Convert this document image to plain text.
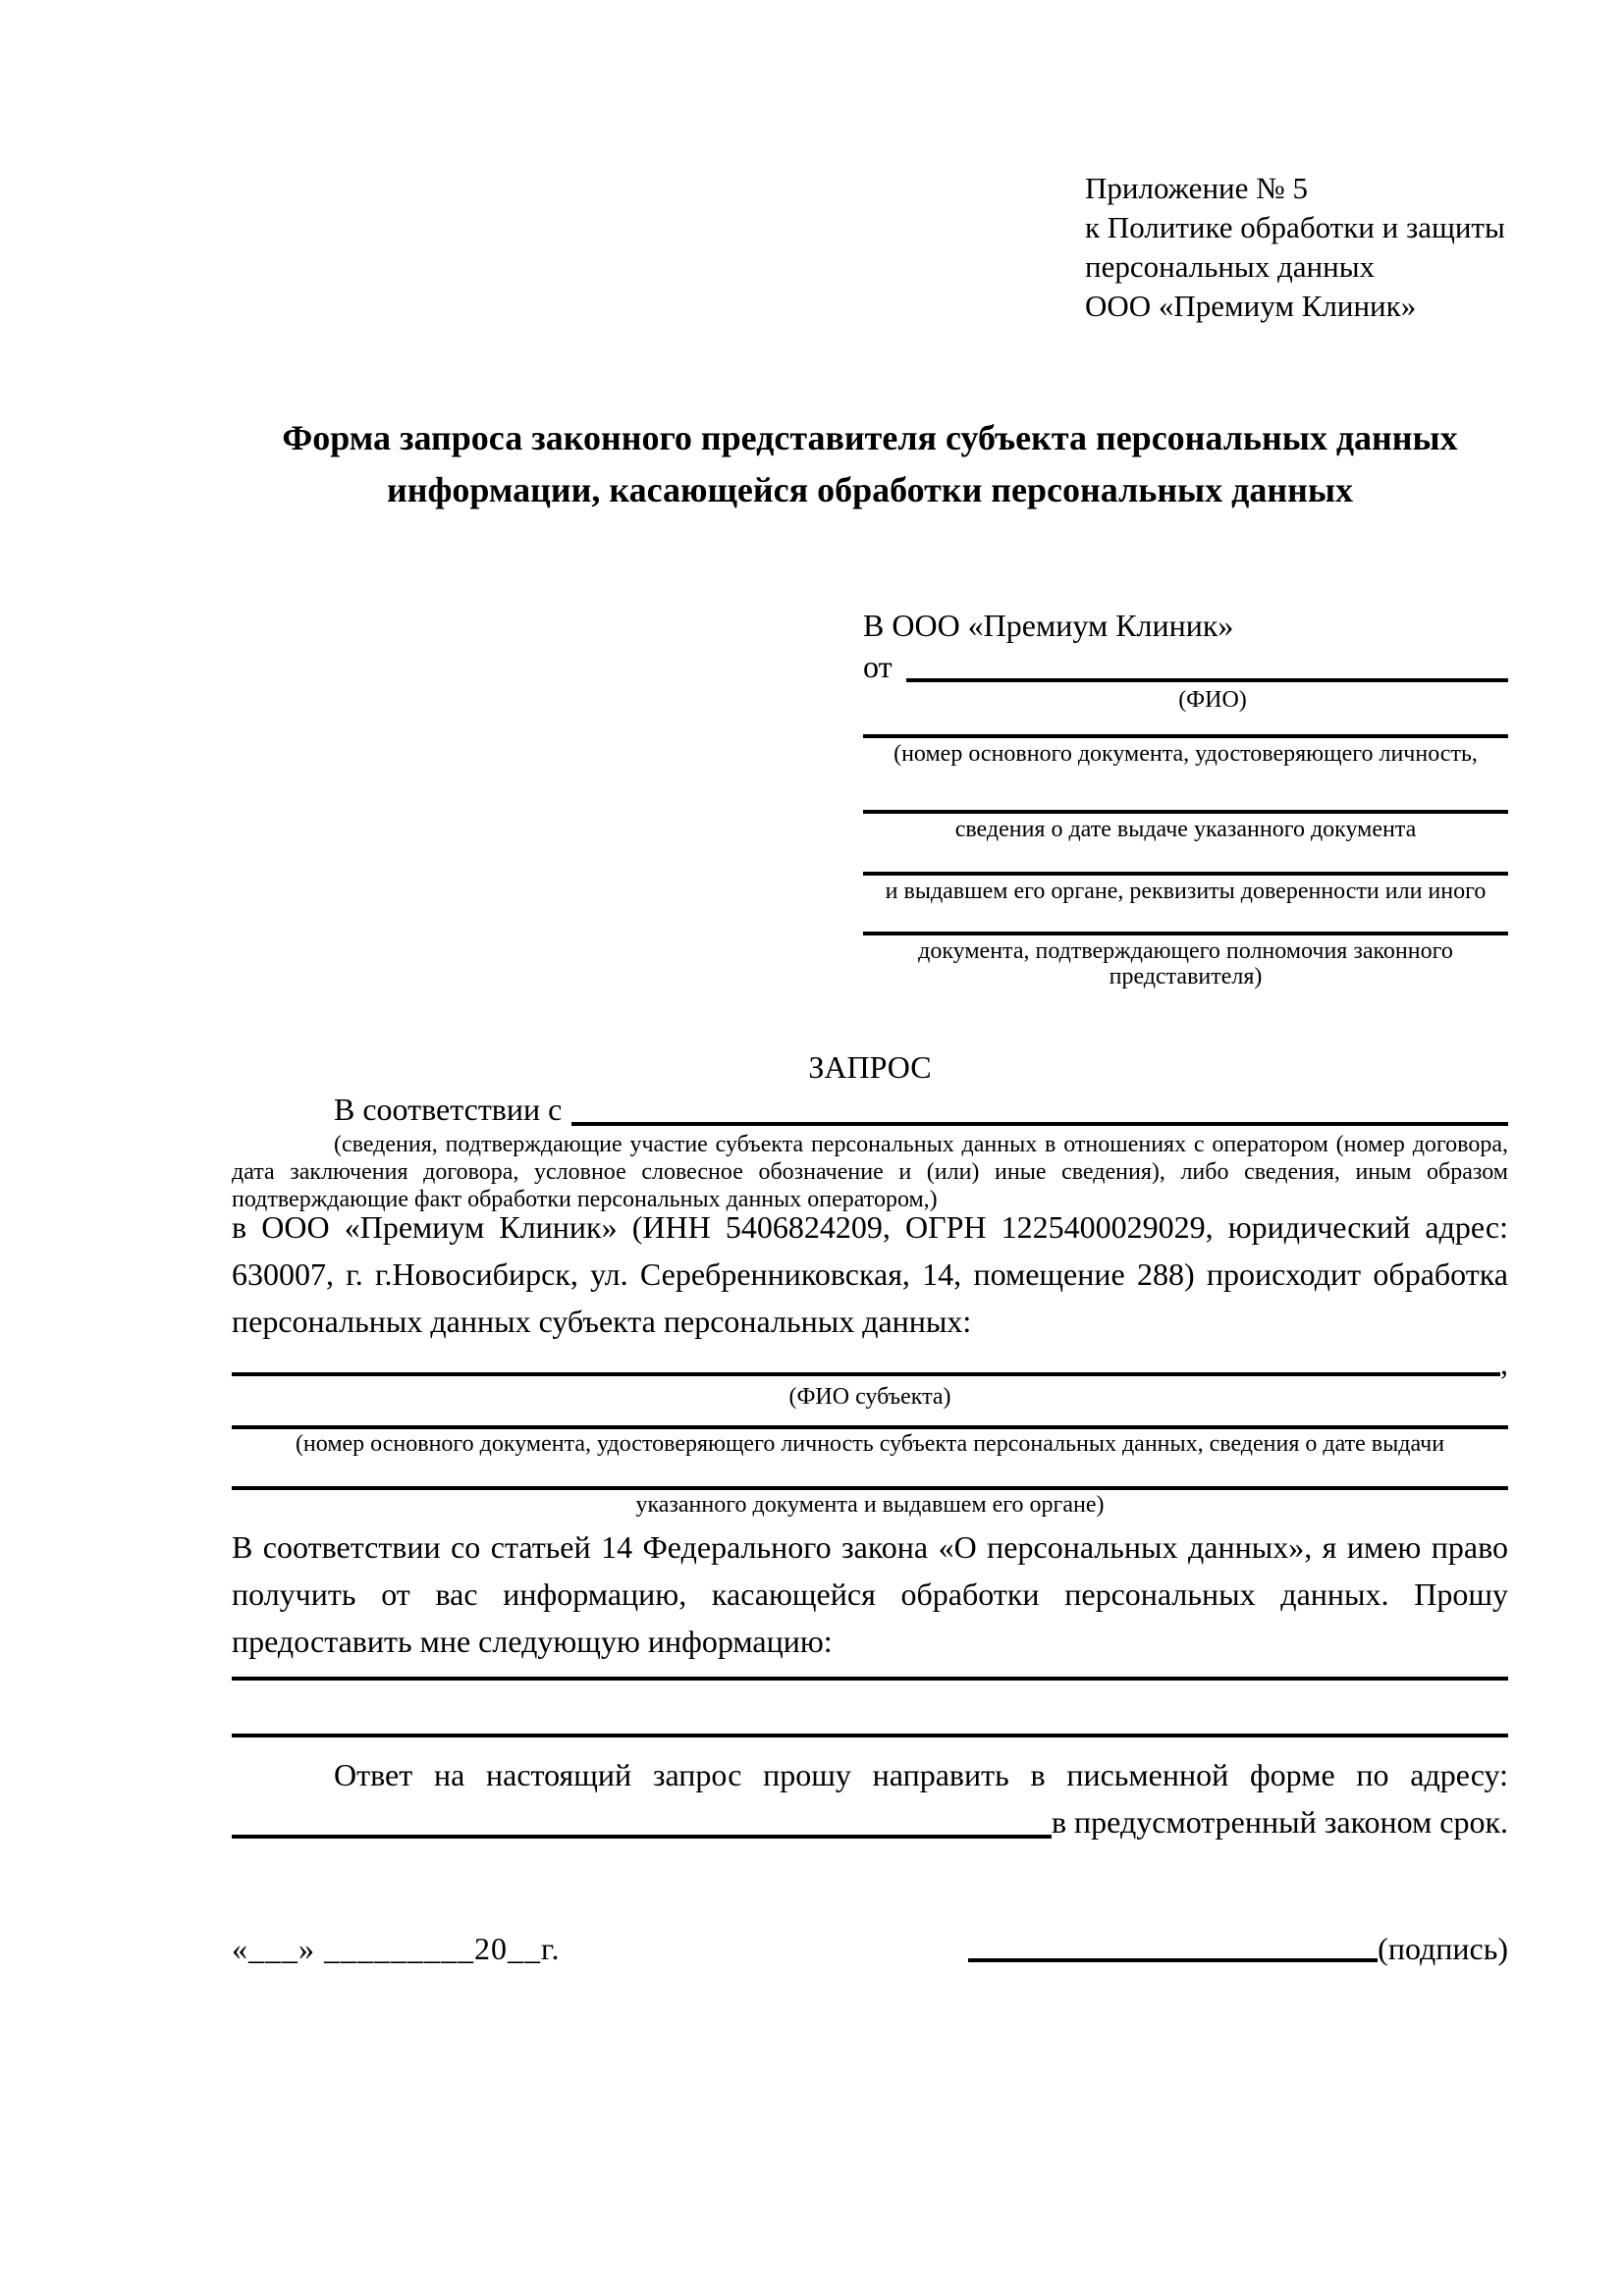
Приложение № 5
к Политике обработки и защиты
персональных данных
ООО «Премиум Клиник»
Форма запроса законного представителя субъекта персональных данных
информации, касающейся обработки персональных данных
В ООО «Премиум Клиник»
от
(ФИО)
(номер основного документа, удостоверяющего личность,
сведения о дате выдаче указанного документа
и выдавшем его органе, реквизиты доверенности или иного
документа, подтверждающего полномочия законного представителя)
ЗАПРОС
В соответствии с
(сведения, подтверждающие участие субъекта персональных данных в отношениях с оператором (номер договора, дата заключения договора, условное словесное обозначение и (или) иные сведения), либо сведения, иным образом подтверждающие факт обработки персональных данных оператором,)

в ООО «Премиум Клиник» (ИНН 5406824209, ОГРН 1225400029029, юридический адрес: 630007, г. г.Новосибирск, ул. Серебренниковская, 14, помещение 288) происходит обработка персональных данных субъекта персональных данных:

,
(ФИО субъекта)
(номер основного документа, удостоверяющего личность субъекта персональных данных, сведения о дате выдачи
указанного документа и выдавшем его органе)

В соответствии со статьей 14 Федерального закона «О персональных данных», я имею право получить от вас информацию, касающейся обработки персональных данных. Прошу предоставить мне следующую информацию:

Ответ на настоящий запрос прошу направить в письменной форме по адресу:
в предусмотренный законом срок.
«___» _________20__г.	(подпись)
